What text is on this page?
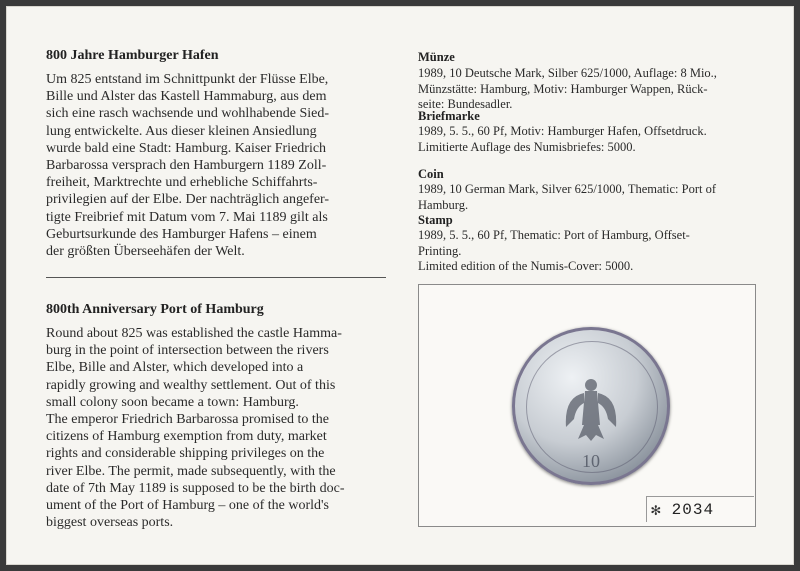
800 Jahre Hamburger Hafen

Um 825 entstand im Schnittpunkt der Flüsse Elbe,

Bille und Alster das Kastell Hammaburg, aus dem

sich eine rasch wachsende und wohlhabende Sied-

lung entwickelte. Aus dieser kleinen Ansiedlung

wurde bald eine Stadt: Hamburg. Kaiser Friedrich

Barbarossa versprach den Hamburgern 1189 Zoll-

freiheit, Marktrechte und erhebliche Schiffahrts-

privilegien auf der Elbe. Der nachträglich angefer-

tigte Freibrief mit Datum vom 7. Mai 1189 gilt als

Geburtsurkunde des Hamburger Hafens – einem

der größten Überseehäfen der Welt.

800th Anniversary Port of Hamburg

Round about 825 was established the castle Hamma-

burg in the point of intersection between the rivers

Elbe, Bille and Alster, which developed into a

rapidly growing and wealthy settlement. Out of this

small colony soon became a town: Hamburg.

The emperor Friedrich Barbarossa promised to the

citizens of Hamburg exemption from duty, market

rights and considerable shipping privileges on the

river Elbe. The permit, made subsequently, with the

date of 7th May 1189 is supposed to be the birth doc-

ument of the Port of Hamburg – one of the world's

biggest overseas ports.

Münze
1989, 10 Deutsche Mark, Silber 625/1000, Auflage: 8 Mio.,
Münzstätte: Hamburg, Motiv: Hamburger Wappen, Rück-
seite: Bundesadler.
Briefmarke
1989, 5. 5., 60 Pf, Motiv: Hamburger Hafen, Offsetdruck.
Limitierte Auflage des Numisbriefes: 5000.
Coin
1989, 10 German Mark, Silver 625/1000, Thematic: Port of
Hamburg.
Stamp
1989, 5. 5., 60 Pf, Thematic: Port of Hamburg, Offset-
Printing.
Limited edition of the Numis-Cover: 5000.
10
✻ 2034
